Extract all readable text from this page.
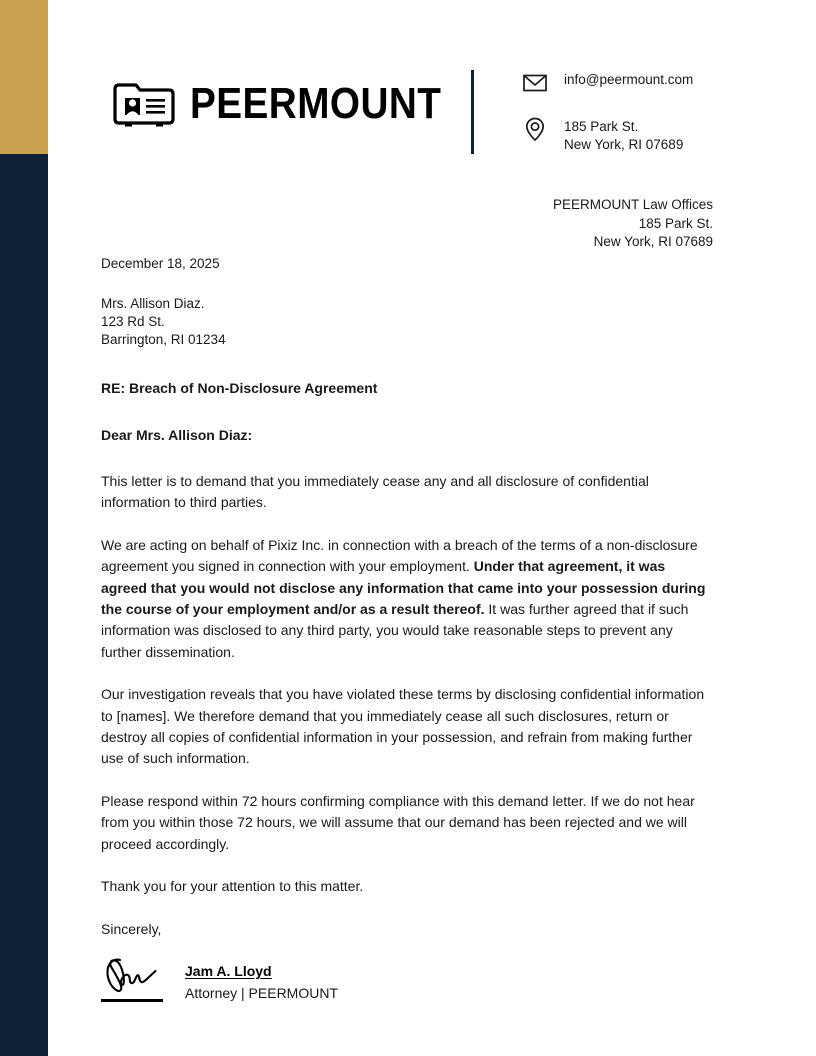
PEERMOUNT	info@peermount.com
185 Park St.
New York, RI 07689
PEERMOUNT Law Offices
185 Park St.
New York, RI 07689
December 18, 2025
Mrs. Allison Diaz.
123 Rd St.
Barrington, RI 01234
RE: Breach of Non-Disclosure Agreement
Dear Mrs. Allison Diaz:

This letter is to demand that you immediately cease any and all disclosure of confidential information to third parties.

We are acting on behalf of Pixiz Inc. in connection with a breach of the terms of a non-disclosure agreement you signed in connection with your employment. Under that agreement, it was agreed that you would not disclose any information that came into your possession during the course of your employment and/or as a result thereof. It was further agreed that if such information was disclosed to any third party, you would take reasonable steps to prevent any further dissemination.

Our investigation reveals that you have violated these terms by disclosing confidential information to [names]. We therefore demand that you immediately cease all such disclosures, return or destroy all copies of confidential information in your possession, and refrain from making further use of such information.

Please respond within 72 hours confirming compliance with this demand letter. If we do not hear from you within those 72 hours, we will assume that our demand has been rejected and we will proceed accordingly.

Thank you for your attention to this matter.

Sincerely,

Jam A. Lloyd
Attorney | PEERMOUNT
